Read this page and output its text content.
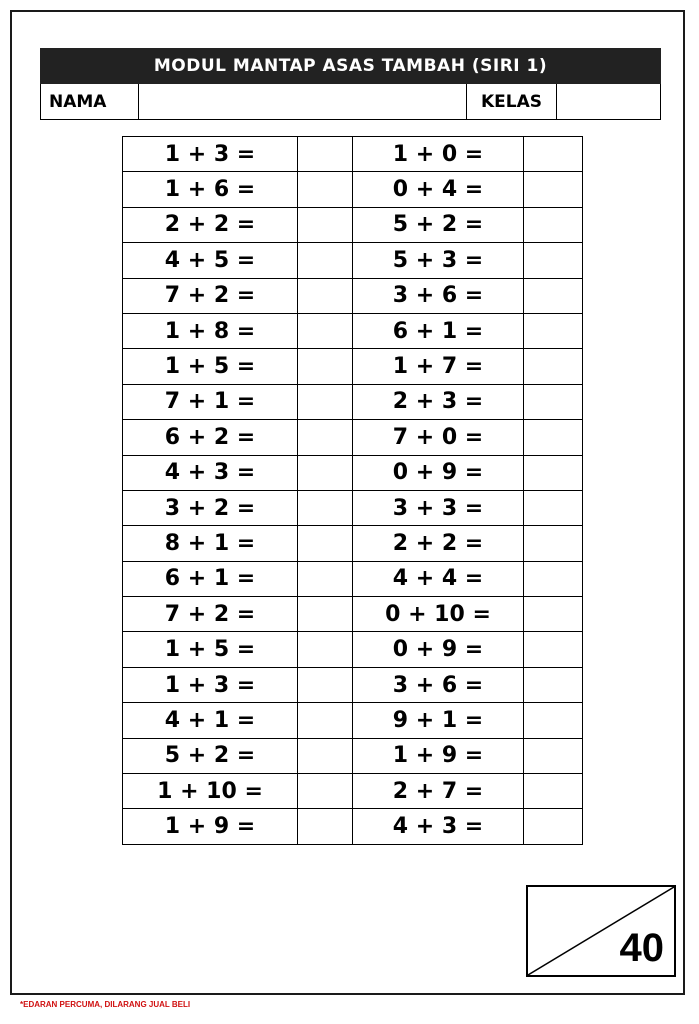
MODUL MANTAP ASAS TAMBAH (SIRI 1)
NAMA	KELAS
1 + 3 =		1 + 0 =	
1 + 6 =		0 + 4 =	
2 + 2 =		5 + 2 =	
4 + 5 =		5 + 3 =	
7 + 2 =		3 + 6 =	
1 + 8 =		6 + 1 =	
1 + 5 =		1 + 7 =	
7 + 1 =		2 + 3 =	
6 + 2 =		7 + 0 =	
4 + 3 =		0 + 9 =	
3 + 2 =		3 + 3 =	
8 + 1 =		2 + 2 =	
6 + 1 =		4 + 4 =	
7 + 2 =		0 + 10 =	
1 + 5 =		0 + 9 =	
1 + 3 =		3 + 6 =	
4 + 1 =		9 + 1 =	
5 + 2 =		1 + 9 =	
1 + 10 =		2 + 7 =	
1 + 9 =		4 + 3 =	
40
*EDARAN PERCUMA, DILARANG JUAL BELI
